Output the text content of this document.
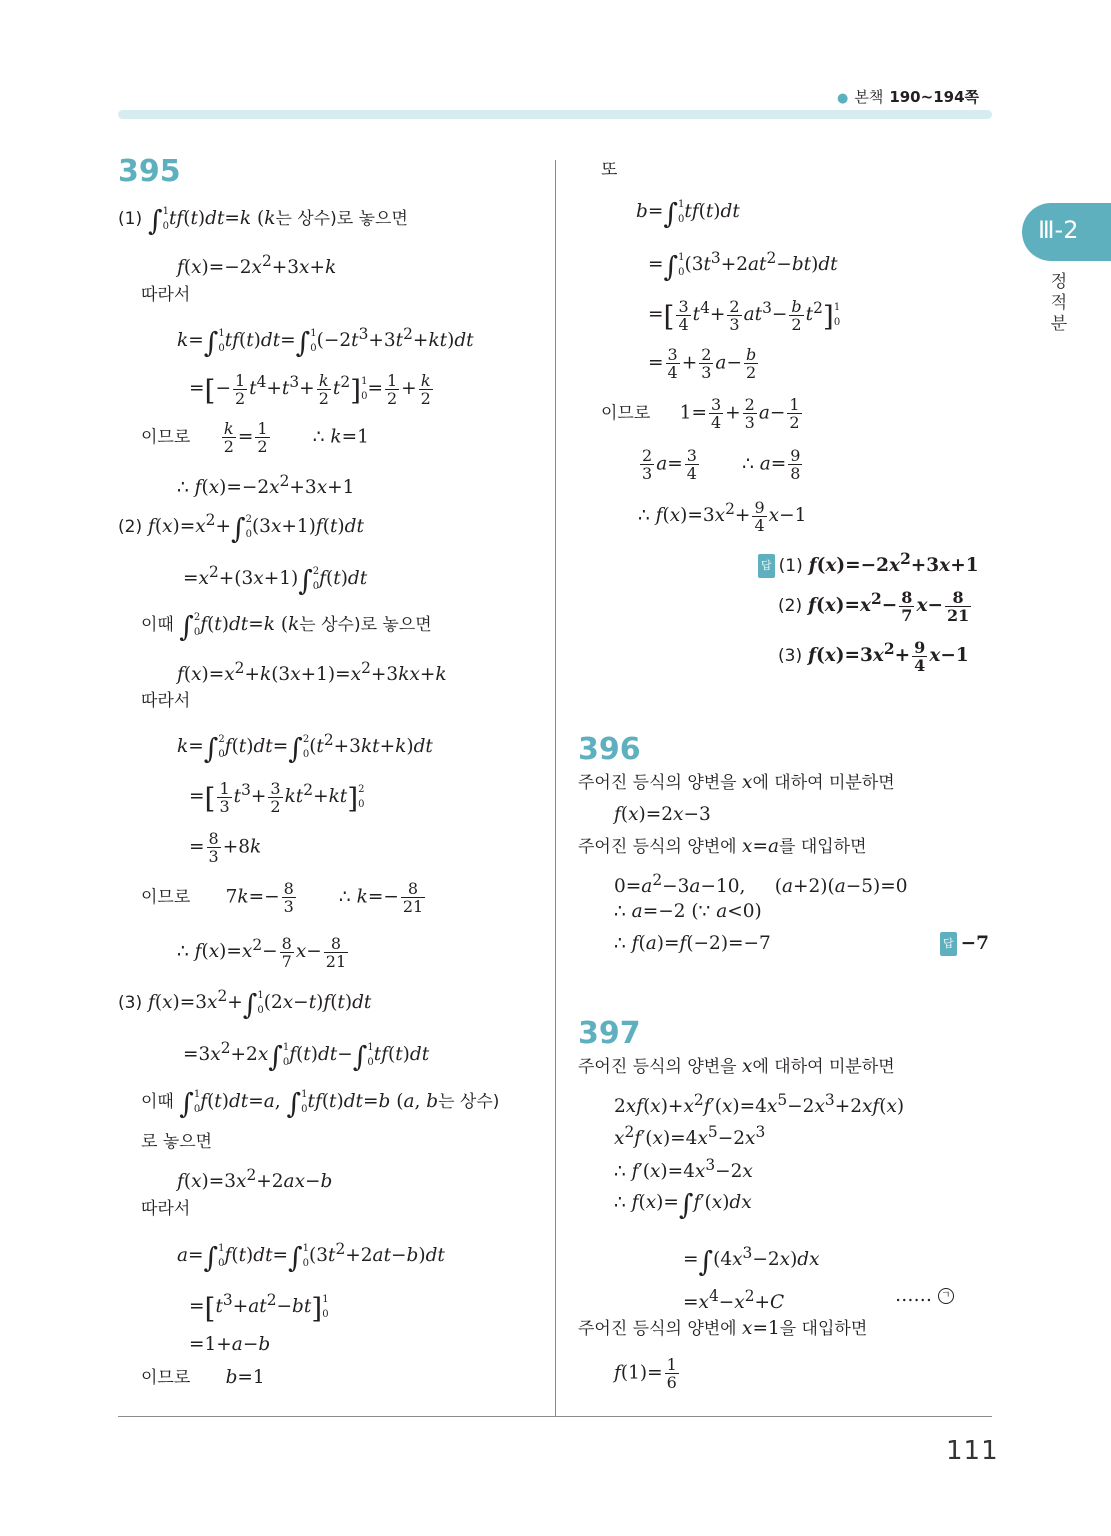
● 본책 190~194쪽
111
Ⅲ-2
정적분
395
(1) ∫ 1
0 tf(t)dt=k (k는 상수)로 놓으면
$f(x)=-2x^2+3x+k$
따라서
k=∫ 1
0 tf(t)dt=∫ 1
0 $(-2t^3+3t^2+kt)dt$
=[− $\frac{1}{2} t^4+t^3+ \frac{k}{2} t^2$] 1
$0 = \frac{1}{2} + \frac{k}{2}$
이므로 $\frac{k}{2} = \frac{1}{2}$ ∴ k=1
∴ $f(x)=-2x^2+3x+1$
(2) $f(x)=x^2+\int$ 2
0 (3x+1)f(t)dt
$=x^2+(3x+1)\int$ 2
0 f(t)dt
이때 ∫ 2
0 f(t)dt=k (k는 상수)로 놓으면
$f(x)=x^2+k(3x+1)=x^2+3kx+k$
따라서
k=∫ 2
0 f(t)dt=∫ 2
0 $(t^2+3kt+k)dt$
=[ $\frac{1}{3} t^3+ \frac{3}{2} kt^2+kt$] 2
0
= $\frac{8}{3} +8k$
이므로      $7k=- \frac{8}{3}$ ∴ $k=- \frac{8}{21}$
∴ $f(x)=x^2- \frac{8}{7} x- \frac{8}{21}$
(3) $f(x)=3x^2+\int$ 1
0 (2x−t)f(t)dt
$=3x^2+2x\int$ 1
0 f(t)dt−∫ 1
0 tf(t)dt
이때 ∫ 1
0 f(t)dt=a, ∫ 1
0 tf(t)dt=b (a, b는 상수)
로 놓으면
$f(x)=3x^2+2ax-b$
따라서
a=∫ 1
0 f(t)dt=∫ 1
0 $(3t^2+2at-b)dt$
$=[t^3+at^2-bt]$ 1
0
=1+a−b
이므로 b=1
또
b=∫ 1
0 tf(t)dt
=∫ 1
0 $(3t^3+2at^2-bt)dt$
=[ $\frac{3}{4} t^4+ \frac{2}{3} at^3- \frac{b}{2} t^2$] 1
0
= $\frac{3}{4} + \frac{2}{3} a- \frac{b}{2}$
이므로     $1= \frac{3}{4} + \frac{2}{3} a- \frac{1}{2}$
$\frac{2}{3} a= \frac{3}{4}$ ∴ $a= \frac{9}{8}$
∴ $f(x)=3x^2+ \frac{9}{4} x-1$
답 (1) $f(x)=-2x^2+3x+1$
(2) $f(x)=x^2- \frac{8}{7} x- \frac{8}{21}$
(3) $f(x)=3x^2+ \frac{9}{4} x-1$
396
주어진 등식의 양변을 x에 대하여 미분하면
f(x)=2x−3
주어진 등식의 양변에 x=a를 대입하면
$0=a^2-3a-10$,     (a+2)(a−5)=0
∴ a=−2 (∵ a<0)
∴ f(a)=f(−2)=−7	답 −7
397
주어진 등식의 양변을 x에 대하여 미분하면
$2xf(x)+x^2f'(x)=4x^5-2x^3+2xf(x)$
$x^2f'(x)=4x^5-2x^3$
∴ $f'(x)=4x^3-2x$
∴ f(x)=∫f′(x)dx
$=\int(4x^3-2x)dx$
$=x^4-x^2+C$	…… ㄱ
주어진 등식의 양변에 x=1을 대입하면
$f(1)= \frac{1}{6}$
